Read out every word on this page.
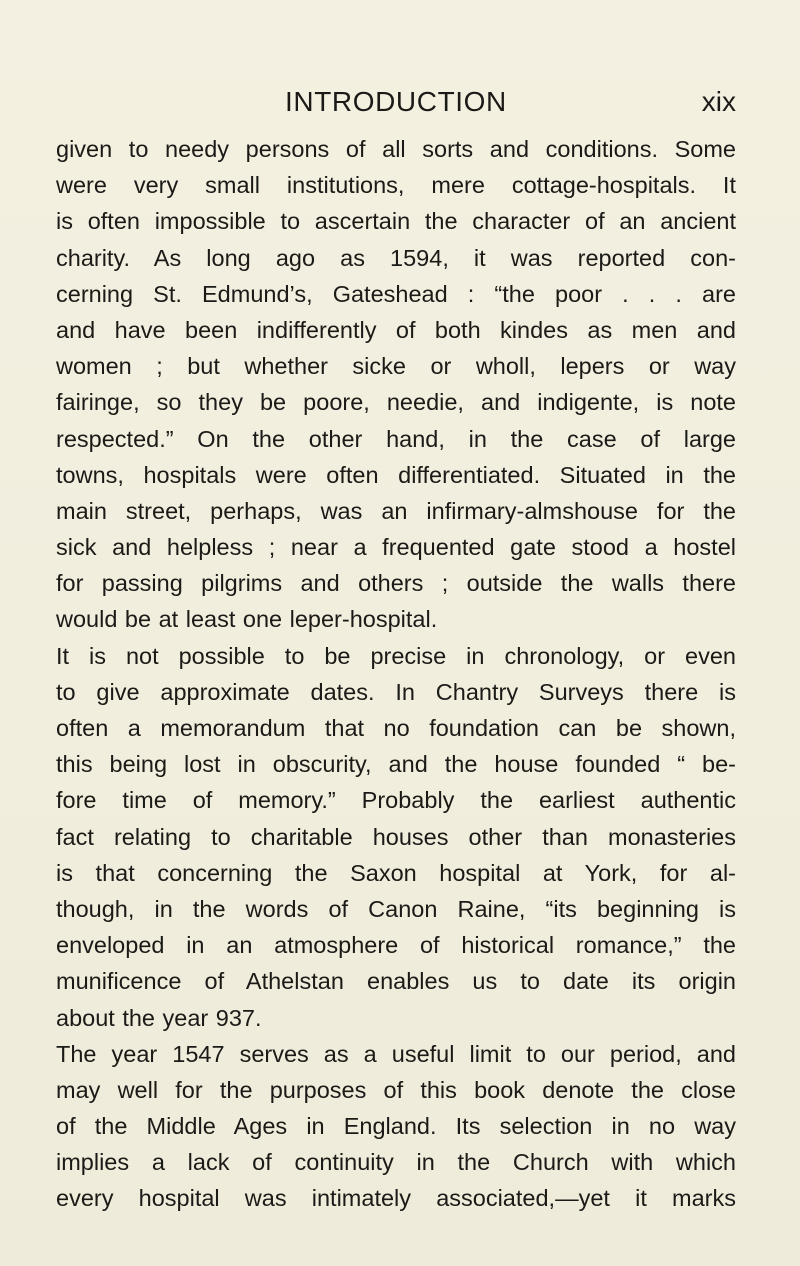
INTRODUCTION	xix
given to needy persons of all sorts and conditions. Some
were very small institutions, mere cottage-hospitals. It
is often impossible to ascertain the character of an ancient
charity. As long ago as 1594, it was reported con-
cerning St. Edmund’s, Gateshead : “the poor . . . are
and have been indifferently of both kindes as men and
women ; but whether sicke or wholl, lepers or way
fairinge, so they be poore, needie, and indigente, is note
respected.” On the other hand, in the case of large
towns, hospitals were often differentiated. Situated in the
main street, perhaps, was an infirmary-almshouse for the
sick and helpless ; near a frequented gate stood a hostel
for passing pilgrims and others ; outside the walls there
would be at least one leper-hospital.
It is not possible to be precise in chronology, or even
to give approximate dates. In Chantry Surveys there is
often a memorandum that no foundation can be shown,
this being lost in obscurity, and the house founded “ be-
fore time of memory.” Probably the earliest authentic
fact relating to charitable houses other than monasteries
is that concerning the Saxon hospital at York, for al-
though, in the words of Canon Raine, “its beginning is
enveloped in an atmosphere of historical romance,” the
munificence of Athelstan enables us to date its origin
about the year 937.
The year 1547 serves as a useful limit to our period, and
may well for the purposes of this book denote the close
of the Middle Ages in England. Its selection in no way
implies a lack of continuity in the Church with which
every hospital was intimately associated,—yet it marks
